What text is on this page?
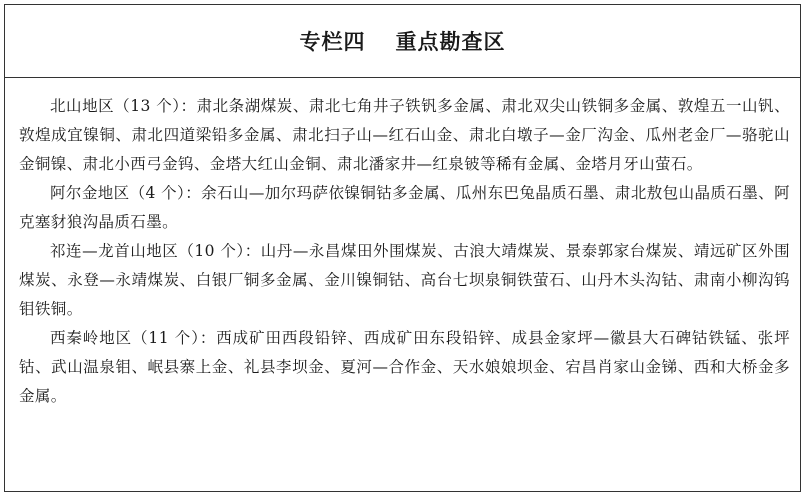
专栏四 重点勘查区

北山地区（13 个）：肃北条湖煤炭、肃北七角井子铁钒多金属、肃北双尖山铁铜多金属、敦煌五一山钒、敦煌成宜镍铜、肃北四道梁铅多金属、肃北扫子山—红石山金、肃北白墩子—金厂沟金、瓜州老金厂—骆驼山金铜镍、肃北小西弓金钨、金塔大红山金铜、肃北潘家井—红泉铍等稀有金属、金塔月牙山萤石。

阿尔金地区（4 个）：余石山—加尔玛萨依镍铜钴多金属、瓜州东巴兔晶质石墨、肃北敖包山晶质石墨、阿克塞豺狼沟晶质石墨。

祁连—龙首山地区（10 个）：山丹—永昌煤田外围煤炭、古浪大靖煤炭、景泰郭家台煤炭、靖远矿区外围煤炭、永登—永靖煤炭、白银厂铜多金属、金川镍铜钴、高台七坝泉铜铁萤石、山丹木头沟钴、肃南小柳沟钨钼铁铜。

西秦岭地区（11 个）：西成矿田西段铅锌、西成矿田东段铅锌、成县金家坪—徽县大石碑钴铁锰、张坪钴、武山温泉钼、岷县寨上金、礼县李坝金、夏河—合作金、天水娘娘坝金、宕昌肖家山金锑、西和大桥金多金属。
